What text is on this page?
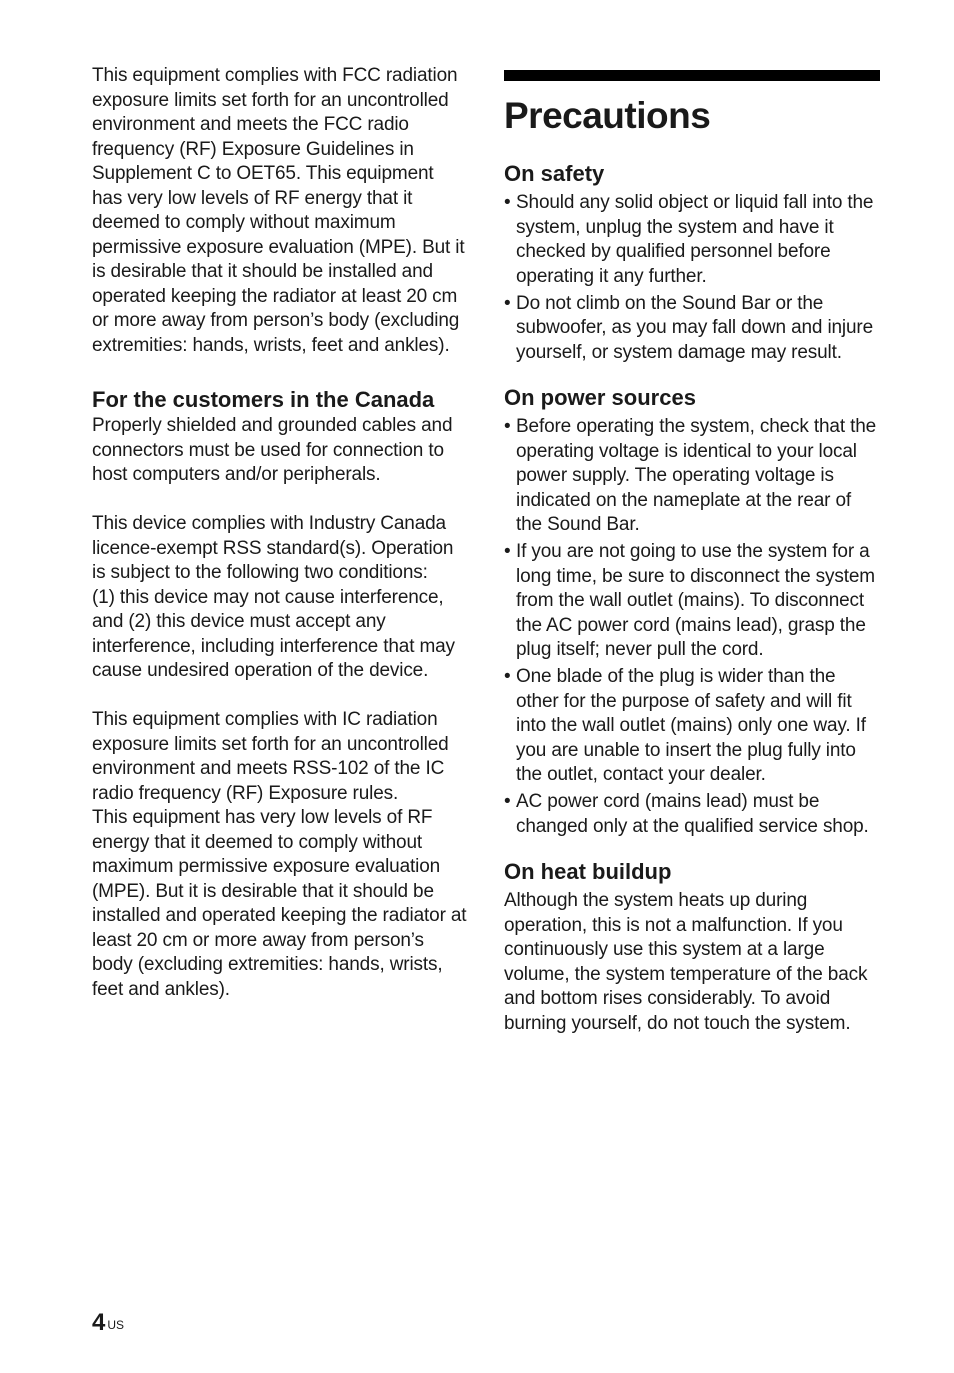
This equipment complies with FCC radiation exposure limits set forth for an uncontrolled environment and meets the FCC radio frequency (RF) Exposure Guidelines in Supplement C to OET65. This equipment has very low levels of RF energy that it deemed to comply without maximum permissive exposure evaluation (MPE). But it is desirable that it should be installed and operated keeping the radiator at least 20 cm or more away from person’s body (excluding extremities: hands, wrists, feet and ankles).

For the customers in the Canada

Properly shielded and grounded cables and connectors must be used for connection to host computers and/or peripherals.

This device complies with Industry Canada licence-exempt RSS standard(s). Operation is subject to the following two conditions:

(1) this device may not cause interference, and (2) this device must accept any interference, including interference that may cause undesired operation of the device.

This equipment complies with IC radiation exposure limits set forth for an uncontrolled environment and meets RSS-102 of the IC radio frequency (RF) Exposure rules.

This equipment has very low levels of RF energy that it deemed to comply without maximum permissive exposure evaluation (MPE). But it is desirable that it should be installed and operated keeping the radiator at least 20 cm or more away from person’s body (excluding extremities: hands, wrists, feet and ankles).

Precautions
On safety
• Should any solid object or liquid fall into the system, unplug the system and have it checked by qualified personnel before operating it any further.
• Do not climb on the Sound Bar or the subwoofer, as you may fall down and injure yourself, or system damage may result.
On power sources
• Before operating the system, check that the operating voltage is identical to your local power supply. The operating voltage is indicated on the nameplate at the rear of the Sound Bar.
• If you are not going to use the system for a long time, be sure to disconnect the system from the wall outlet (mains). To disconnect the AC power cord (mains lead), grasp the plug itself; never pull the cord.
• One blade of the plug is wider than the other for the purpose of safety and will fit into the wall outlet (mains) only one way. If you are unable to insert the plug fully into the outlet, contact your dealer.
• AC power cord (mains lead) must be changed only at the qualified service shop.
On heat buildup

Although the system heats up during operation, this is not a malfunction. If you continuously use this system at a large volume, the system temperature of the back and bottom rises considerably. To avoid burning yourself, do not touch the system.

4 $^{US}$
